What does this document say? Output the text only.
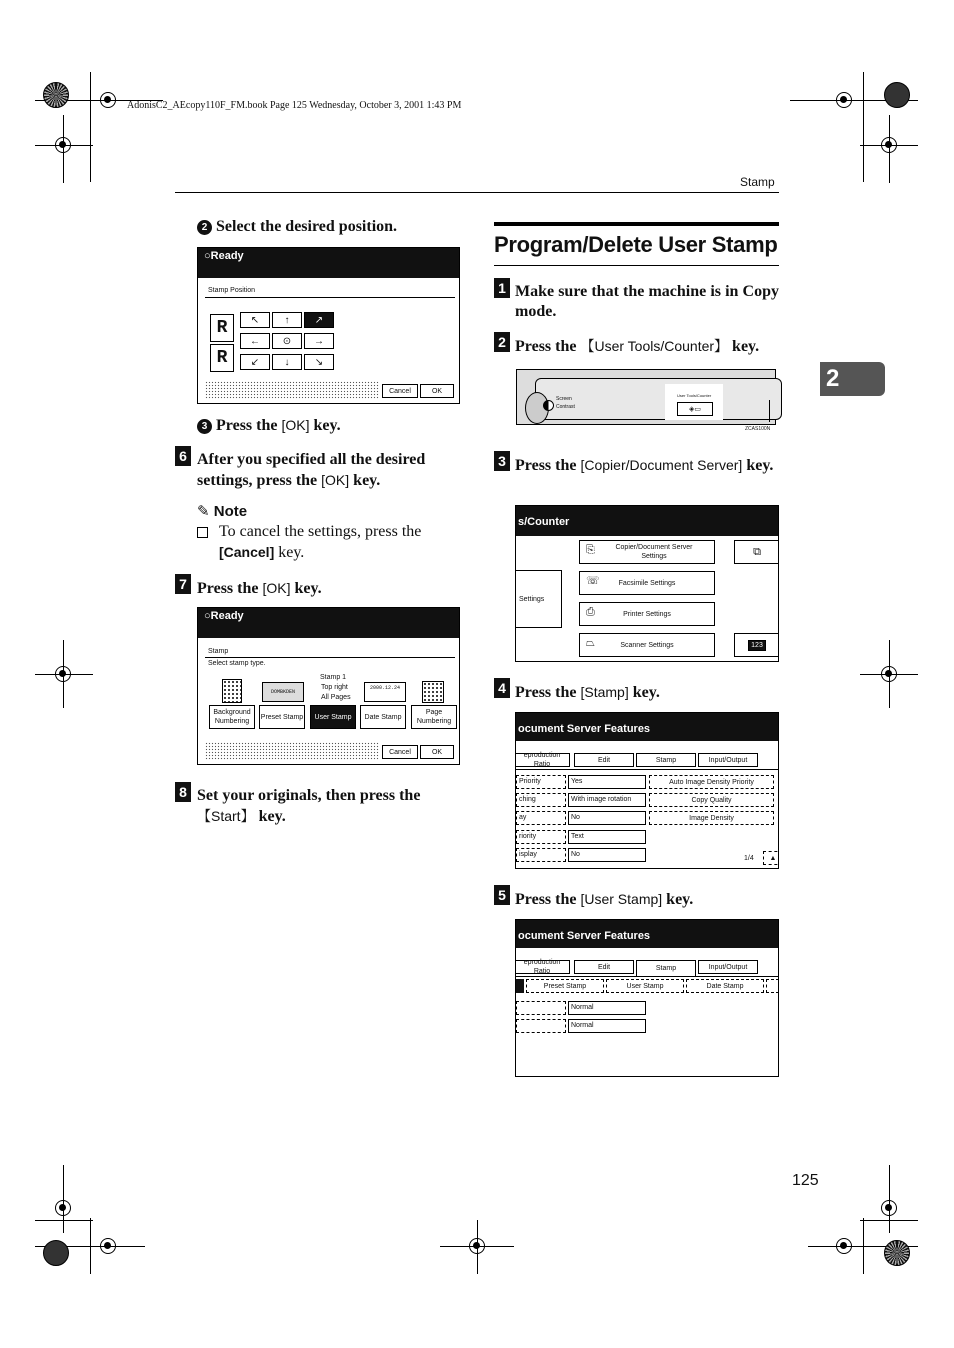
AdonisC2_AEcopy110F_FM.book Page 125 Wednesday, October 3, 2001 1:43 PM
Stamp
2
2 Select the desired position.
○Ready
Stamp Position
R
R
↖	↑	↗
←	⊙	→
↙	↓	↘
Cancel	OK
3 Press the [OK] key.
6 After you specified all the desired settings, press the [OK] key.
✎ Note
To cancel the settings, press the [Cancel] key.
7 Press the [OK] key.
○Ready
Stamp
Select stamp type.
Stamp 1
Top right
All Pages
DOMBKDEN
2000.12.24
Background Numbering
Preset Stamp	User Stamp	Date Stamp
Page Numbering
Cancel	OK
8 Set your originals, then press the 【Start】 key.
Program/Delete User Stamp
1 Make sure that the machine is in Copy mode.
2 Press the 【User Tools/Counter】 key.
Screen
Contrast
User Tools/Counter
◈▭
ZCAS100N
3 Press the [Copier/Document Server] key.
s/Counter
Settings
⎘	Copier/Document Server Settings
☏	Facsimile Settings
⎙	Printer Settings
⏢	Scanner Settings
⧉
123
4 Press the [Stamp] key.
ocument Server Features
eproduction Ratio
Edit	Stamp	Input/Output
Priority	Yes
ching	With image rotation
ay	No
riority	Text
isplay	No
Auto Image Density Priority
Copy Quality
Image Density
1/4 ▲
5 Press the [User Stamp] key.
ocument Server Features
eproduction Ratio
Edit	Stamp	Input/Output
Preset Stamp	User Stamp	Date Stamp
Normal
Normal
125
